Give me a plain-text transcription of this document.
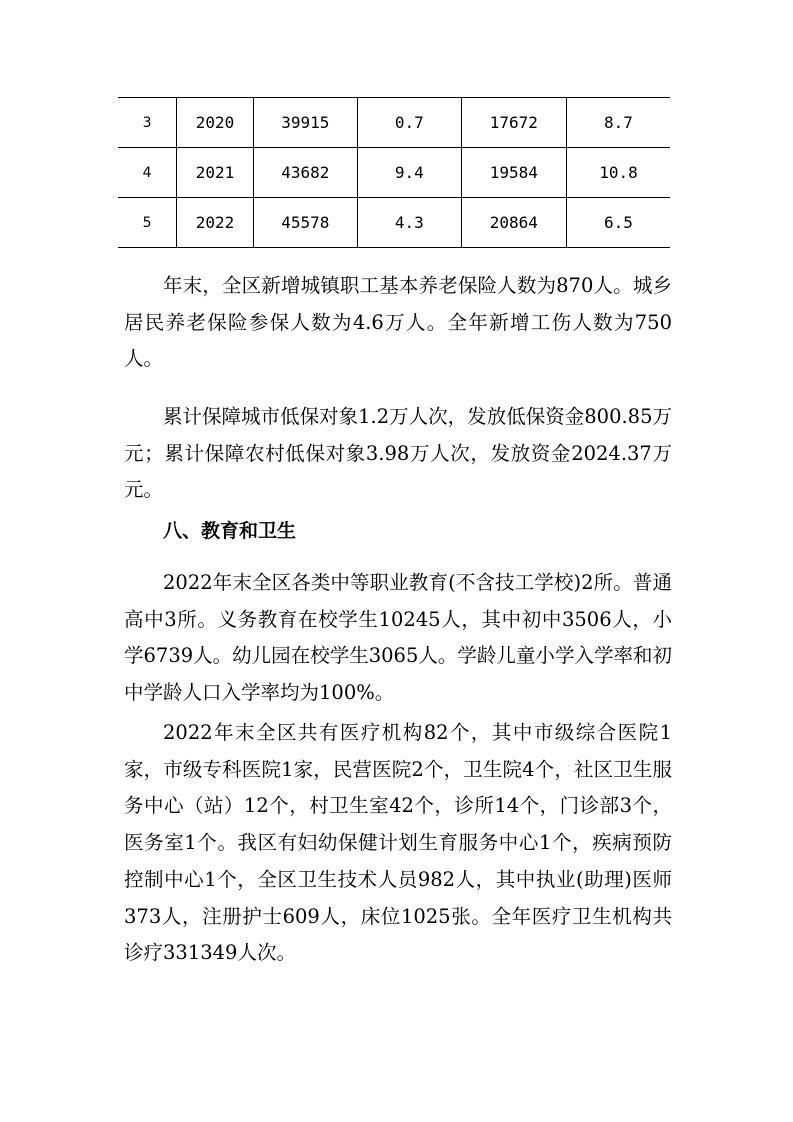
3	2020	39915	0.7	17672	8.7
4	2021	43682	9.4	19584	10.8
5	2022	45578	4.3	20864	6.5

年末，全区新增城镇职工基本养老保险人数为870人。城乡居民养老保险参保人数为4.6万人。全年新增工伤人数为750人。

累计保障城市低保对象1.2万人次，发放低保资金800.85万元；累计保障农村低保对象3.98万人次，发放资金2024.37万元。

八、教育和卫生

2022年末全区各类中等职业教育(不含技工学校)2所。普通高中3所。义务教育在校学生10245人，其中初中3506人，小学6739人。幼儿园在校学生3065人。学龄儿童小学入学率和初中学龄人口入学率均为100%。

2022年末全区共有医疗机构82个，其中市级综合医院1家，市级专科医院1家，民营医院2个，卫生院4个，社区卫生服务中心（站）12个，村卫生室42个，诊所14个，门诊部3个，医务室1个。我区有妇幼保健计划生育服务中心1个，疾病预防控制中心1个，全区卫生技术人员982人，其中执业(助理)医师373人，注册护士609人，床位1025张。全年医疗卫生机构共诊疗331349人次。
